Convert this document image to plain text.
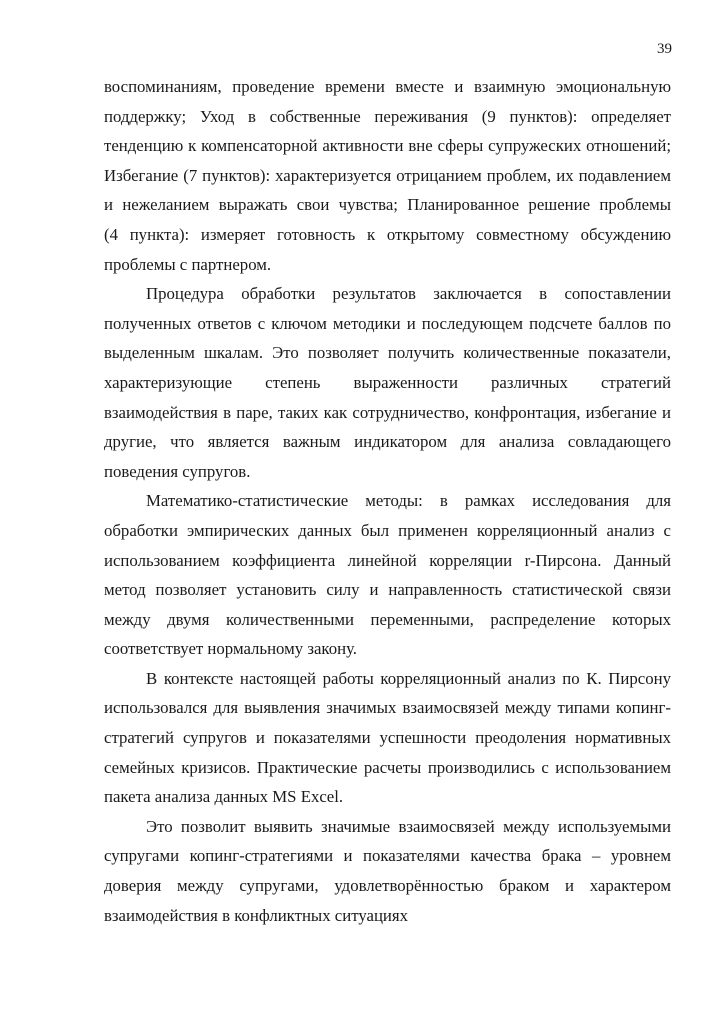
39
воспоминаниям, проведение времени вместе и взаимную эмоциональную
поддержку; Уход в собственные переживания (9 пунктов): определяет
тенденцию к компенсаторной активности вне сферы супружеских отношений;
Избегание (7 пунктов): характеризуется отрицанием проблем, их подавлением
и нежеланием выражать свои чувства; Планированное решение проблемы
(4 пункта): измеряет готовность к открытому совместному обсуждению
проблемы с партнером.
Процедура обработки результатов заключается в сопоставлении
полученных ответов с ключом методики и последующем подсчете баллов по
выделенным шкалам. Это позволяет получить количественные показатели,
характеризующие степень выраженности различных стратегий
взаимодействия в паре, таких как сотрудничество, конфронтация, избегание и
другие, что является важным индикатором для анализа совладающего
поведения супругов.
Математико-статистические методы: в рамках исследования для
обработки эмпирических данных был применен корреляционный анализ с
использованием коэффициента линейной корреляции r-Пирсона. Данный
метод позволяет установить силу и направленность статистической связи
между двумя количественными переменными, распределение которых
соответствует нормальному закону.
В контексте настоящей работы корреляционный анализ по К. Пирсону
использовался для выявления значимых взаимосвязей между типами копинг-
стратегий супругов и показателями успешности преодоления нормативных
семейных кризисов. Практические расчеты производились с использованием
пакета анализа данных MS Excel.
Это позволит выявить значимые взаимосвязей между используемыми
супругами копинг-стратегиями и показателями качества брака – уровнем
доверия между супругами, удовлетворённостью браком и характером
взаимодействия в конфликтных ситуациях
